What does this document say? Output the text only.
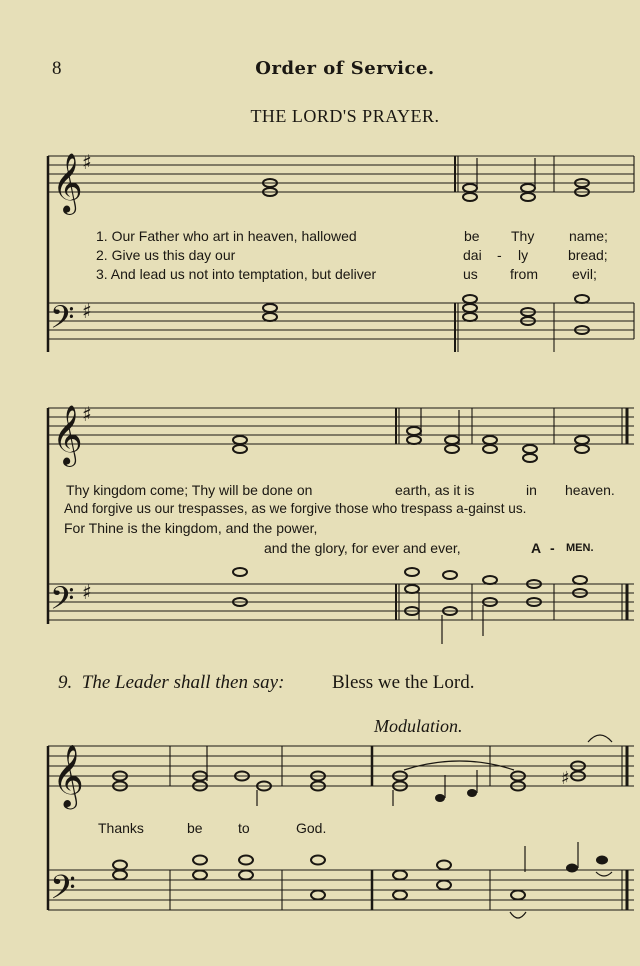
8	Order of Service.
THE LORD'S PRAYER.
𝄞 ♯
𝄢 ♯
𝄞 ♯
𝄢 ♯
𝄞
𝄢
♯
1. Our Father who art in heaven, hallowed	be Thy name;
2. Give us this day our	dai - ly	bread;
3. And lead us not into temptation, but deliver	us from evil;
Thy kingdom come; Thy will be done on	earth, as it is	in heaven.
And forgive us our trespasses, as we forgive those who trespass a-gainst us.
For Thine is the kingdom, and the power,
and the glory, for ever and ever,	A - MEN.
9. The Leader shall then say:	Bless we the Lord.
Modulation.
Thanks	be	to	God.
